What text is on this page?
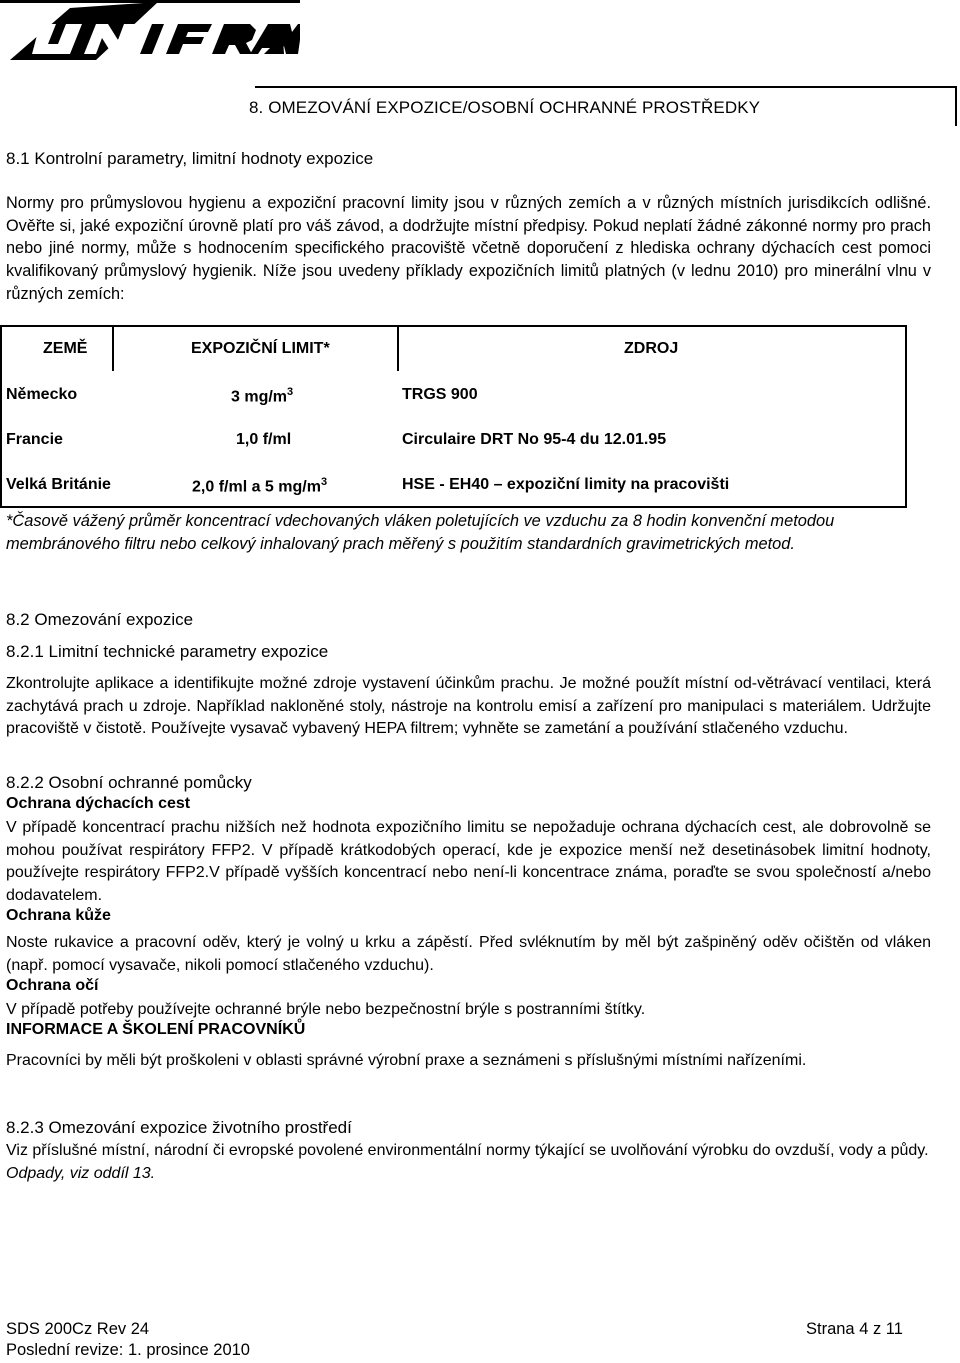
8. OMEZOVÁNÍ EXPOZICE/OSOBNÍ OCHRANNÉ PROSTŘEDKY
8.1 Kontrolní parametry, limitní hodnoty expozice

Normy pro průmyslovou hygienu a expoziční pracovní limity jsou v různých zemích a v různých místních jurisdikcích odlišné. Ověřte si, jaké expoziční úrovně platí pro váš závod, a dodržujte místní předpisy. Pokud neplatí žádné zákonné normy pro prach nebo jiné normy, může s hodnocením specifického pracoviště včetně doporučení z hlediska ochrany dýchacích cest pomoci kvalifikovaný průmyslový hygienik. Níže jsou uvedeny příklady expozičních limitů platných (v lednu 2010) pro minerální vlnu v různých zemích:

ZEMĚ	EXPOZIČNÍ LIMIT*	ZDROJ
Německo	3 $mg/m^3$	TRGS 900
Francie	1,0 f/ml	Circulaire DRT No 95-4 du 12.01.95
Velká Británie	2,0 f/ml a 5 $mg/m^3$	HSE - EH40 – expoziční limity na pracovišti
*Časově vážený průměr koncentrací vdechovaných vláken poletujících ve vzduchu za 8 hodin konvenční metodou membránového filtru nebo celkový inhalovaný prach měřený s použitím standardních gravimetrických metod.
8.2 Omezování expozice
8.2.1 Limitní technické parametry expozice
Zkontrolujte aplikace a identifikujte možné zdroje vystavení účinkům prachu. Je možné použít místní od-větrávací ventilaci, která zachytává prach u zdroje. Například nakloněné stoly, nástroje na kontrolu emisí a zařízení pro manipulaci s materiálem. Udržujte pracoviště v čistotě. Používejte vysavač vybavený HEPA filtrem; vyhněte se zametání a používání stlačeného vzduchu.
8.2.2 Osobní ochranné pomůcky
Ochrana dýchacích cest
V případě koncentrací prachu nižších než hodnota expozičního limitu se nepožaduje ochrana dýchacích cest, ale dobrovolně se mohou používat respirátory FFP2. V případě krátkodobých operací, kde je expozice menší než desetinásobek limitní hodnoty, používejte respirátory FFP2.V případě vyšších koncentrací nebo není-li koncentrace známa, poraďte se svou společností a/nebo dodavatelem.
Ochrana kůže
Noste rukavice a pracovní oděv, který je volný u krku a zápěstí. Před svléknutím by měl být zašpiněný oděv očištěn od vláken (např. pomocí vysavače, nikoli pomocí stlačeného vzduchu).
Ochrana očí
V případě potřeby používejte ochranné brýle nebo bezpečnostní brýle s postranními štítky.
INFORMACE A ŠKOLENÍ PRACOVNÍKŮ
Pracovníci by měli být proškoleni v oblasti správné výrobní praxe a seznámeni s příslušnými místními nařízeními.
8.2.3 Omezování expozice životního prostředí
Viz příslušné místní, národní či evropské povolené environmentální normy týkající se uvolňování výrobku do ovzduší, vody a půdy. Odpady, viz oddíl 13.
SDS 200Cz Rev 24	Strana 4 z 11
Poslední revize: 1. prosince 2010
